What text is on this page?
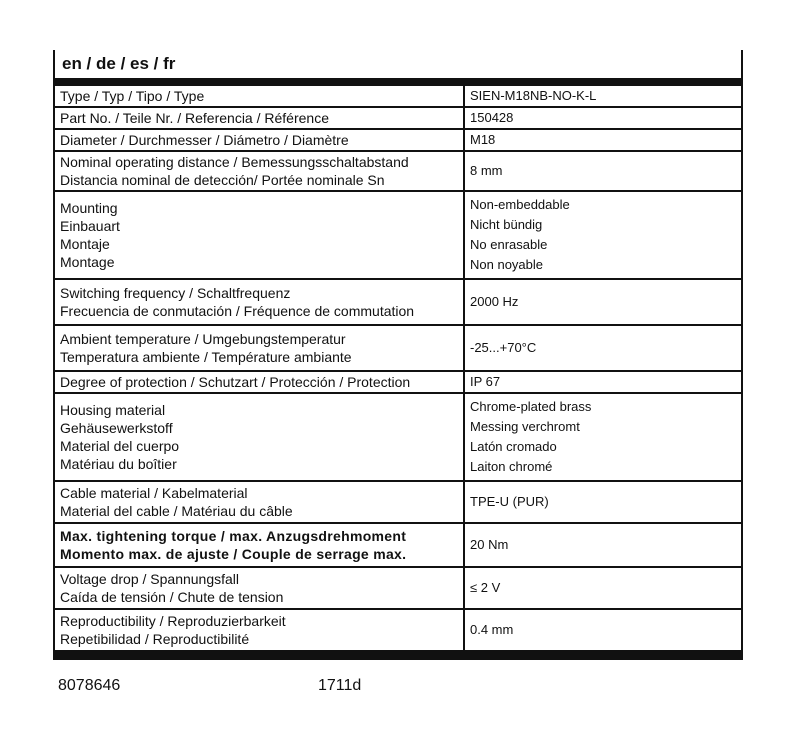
en / de / es / fr
Type / Typ / Tipo / Type	SIEN-M18NB-NO-K-L

Part No. / Teile Nr. / Referencia / Référence	150428

Diameter / Durchmesser / Diámetro / Diamètre	M18

Nominal operating distance / Bemessungsschaltabstand
Distancia nominal de detección/ Portée nominale Sn	8 mm

Mounting
Einbauart
Montaje
Montage	Non-embeddable
Nicht bündig
No enrasable
Non noyable

Switching frequency / Schaltfrequenz
Frecuencia de conmutación / Fréquence de commutation	2000 Hz

Ambient temperature / Umgebungstemperatur
Temperatura ambiente / Température ambiante	-25...+70°C

Degree of protection / Schutzart / Protección / Protection	IP 67

Housing material
Gehäusewerkstoff
Material del cuerpo
Matériau du boîtier	Chrome-plated brass
Messing verchromt
Latón cromado
Laiton chromé

Cable material / Kabelmaterial
Material del cable / Matériau du câble	TPE-U (PUR)

Max. tightening torque / max. Anzugsdrehmoment
Momento max. de ajuste / Couple de serrage max.	20 Nm

Voltage drop / Spannungsfall
Caída de tensión / Chute de tension	≤ 2 V

Reproductibility / Reproduzierbarkeit
Repetibilidad / Reproductibilité	0.4 mm
8078646	1711d
